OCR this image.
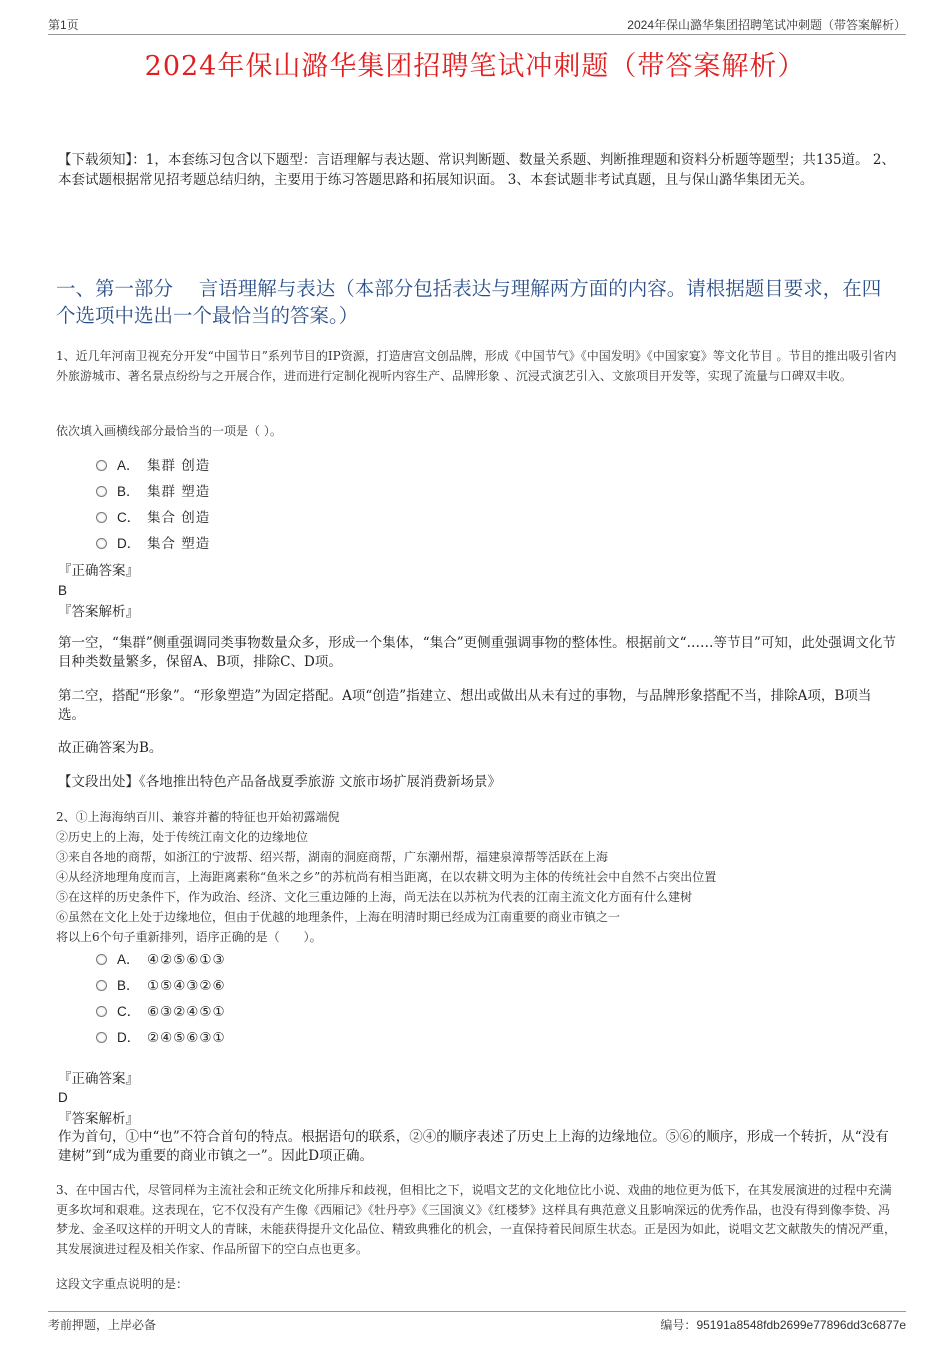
第1页	2024年保山潞华集团招聘笔试冲刺题（带答案解析）
2024年保山潞华集团招聘笔试冲刺题（带答案解析）
【下载须知】：1，本套练习包含以下题型：言语理解与表达题、常识判断题、数量关系题、判断推理题和资料分析题等题型；共135道。 2、本套试题根据常见招考题总结归纳，主要用于练习答题思路和拓展知识面。 3、本套试题非考试真题，且与保山潞华集团无关。
一、第一部分　 言语理解与表达（本部分包括表达与理解两方面的内容。请根据题目要求，在四个选项中选出一个最恰当的答案。）
1、近几年河南卫视充分开发“中国节日”系列节目的IP资源，打造唐宫文创品牌，形成《中国节气》《中国发明》《中国家宴》等文化节目 。节目的推出吸引省内外旅游城市、著名景点纷纷与之开展合作，进而进行定制化视听内容生产、品牌形象 、沉浸式演艺引入、文旅项目开发等，实现了流量与口碑双丰收。
依次填入画横线部分最恰当的一项是（ ）。
A． 集群 创造
B． 集群 塑造
C． 集合 创造
D． 集合 塑造
『正确答案』
B
『答案解析』
第一空，“集群”侧重强调同类事物数量众多，形成一个集体，“集合”更侧重强调事物的整体性。根据前文“……等节目”可知，此处强调文化节目种类数量繁多，保留A、B项，排除C、D项。
第二空，搭配“形象”。“形象塑造”为固定搭配。A项“创造”指建立、想出或做出从未有过的事物，与品牌形象搭配不当，排除A项，B项当选。
故正确答案为B。
【文段出处】《各地推出特色产品备战夏季旅游 文旅市场扩展消费新场景》
2、①上海海纳百川、兼容并蓄的特征也开始初露端倪
②历史上的上海，处于传统江南文化的边缘地位
③来自各地的商帮，如浙江的宁波帮、绍兴帮，湖南的洞庭商帮，广东潮州帮，福建泉漳帮等活跃在上海
④从经济地理角度而言，上海距离素称“鱼米之乡”的苏杭尚有相当距离，在以农耕文明为主体的传统社会中自然不占突出位置
⑤在这样的历史条件下，作为政治、经济、文化三重边陲的上海，尚无法在以苏杭为代表的江南主流文化方面有什么建树
⑥虽然在文化上处于边缘地位，但由于优越的地理条件，上海在明清时期已经成为江南重要的商业市镇之一
将以上6个句子重新排列，语序正确的是（　　）。
A． ④②⑤⑥①③
B． ①⑤④③②⑥
C． ⑥③②④⑤①
D． ②④⑤⑥③①
『正确答案』
D
『答案解析』
作为首句，①中“也”不符合首句的特点。根据语句的联系，②④的顺序表述了历史上上海的边缘地位。⑤⑥的顺序，形成一个转折，从“没有建树”到“成为重要的商业市镇之一”。因此D项正确。
3、在中国古代，尽管同样为主流社会和正统文化所排斥和歧视，但相比之下，说唱文艺的文化地位比小说、戏曲的地位更为低下，在其发展演进的过程中充满更多坎坷和艰难。这表现在，它不仅没有产生像《西厢记》《牡丹亭》《三国演义》《红楼梦》这样具有典范意义且影响深远的优秀作品，也没有得到像李贽、冯梦龙、金圣叹这样的开明文人的青睐，未能获得提升文化品位、精致典雅化的机会，一直保持着民间原生状态。正是因为如此，说唱文艺文献散失的情况严重，其发展演进过程及相关作家、作品所留下的空白点也更多。
这段文字重点说明的是：
考前押题，上岸必备	编号：95191a8548fdb2699e77896dd3c6877e
